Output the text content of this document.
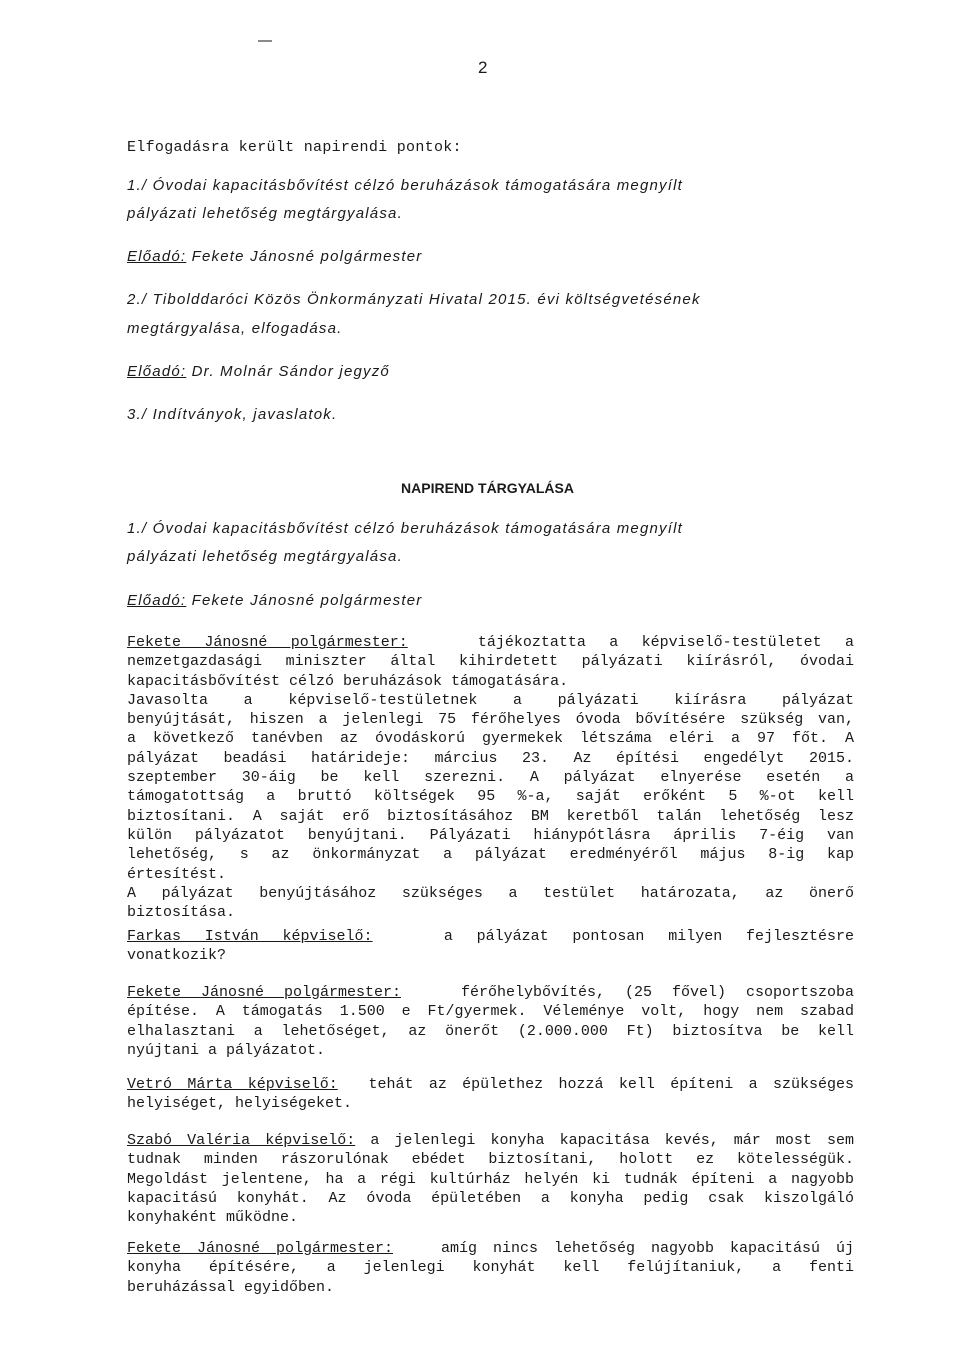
2
Elfogadásra került napirendi pontok:
1./ Óvodai kapacitásbővítést célzó beruházások támogatására megnyílt
pályázati lehetőség megtárgyalása.
Előadó: Fekete Jánosné polgármester
2./ Tibolddaróci Közös Önkormányzati Hivatal 2015. évi költségvetésének
megtárgyalása, elfogadása.
Előadó: Dr. Molnár Sándor jegyző
3./ Indítványok, javaslatok.
NAPIREND TÁRGYALÁSA
1./ Óvodai kapacitásbővítést célzó beruházások támogatására megnyílt
pályázati lehetőség megtárgyalása.
Előadó: Fekete Jánosné polgármester
Fekete Jánosné polgármester:	tájékoztatta a képviselő-testületet a
nemzetgazdasági miniszter által kihirdetett pályázati kiírásról, óvodai
kapacitásbővítést célzó beruházások támogatására.
Javasolta a képviselő-testületnek a pályázati kiírásra pályázat
benyújtását, hiszen a jelenlegi 75 férőhelyes óvoda bővítésére szükség van,
a következő tanévben az óvodáskorú gyermekek létszáma eléri a 97 főt. A
pályázat beadási határideje: március 23. Az építési engedélyt 2015.
szeptember 30-áig be kell szerezni. A pályázat elnyerése esetén a
támogatottság a bruttó költségek 95 %-a, saját erőként 5 %-ot kell
biztosítani. A saját erő biztosításához BM keretből talán lehetőség lesz
külön pályázatot benyújtani. Pályázati hiánypótlásra április 7-éig van
lehetőség, s az önkormányzat a pályázat eredményéről május 8-ig kap
értesítést.
A pályázat benyújtásához szükséges a testület határozata, az önerő
biztosítása.
Farkas István képviselő:	a pályázat pontosan milyen fejlesztésre
vonatkozik?
Fekete Jánosné polgármester:	férőhelybővítés, (25 fővel) csoportszoba
építése. A támogatás 1.500 e Ft/gyermek. Véleménye volt, hogy nem szabad
elhalasztani a lehetőséget, az önerőt (2.000.000 Ft) biztosítva be kell
nyújtani a pályázatot.
Vetró Márta képviselő: tehát az épülethez hozzá kell építeni a szükséges
helyiséget, helyiségeket.
Szabó Valéria képviselő: a jelenlegi konyha kapacitása kevés, már most sem
tudnak minden rászorulónak ebédet biztosítani, holott ez kötelességük.
Megoldást jelentene, ha a régi kultúrház helyén ki tudnák építeni a nagyobb
kapacitású konyhát. Az óvoda épületében a konyha pedig csak kiszolgáló
konyhaként működne.
Fekete Jánosné polgármester:	amíg nincs lehetőség nagyobb kapacitású új
konyha építésére, a jelenlegi konyhát kell felújítaniuk, a fenti
beruházással egyidőben.
